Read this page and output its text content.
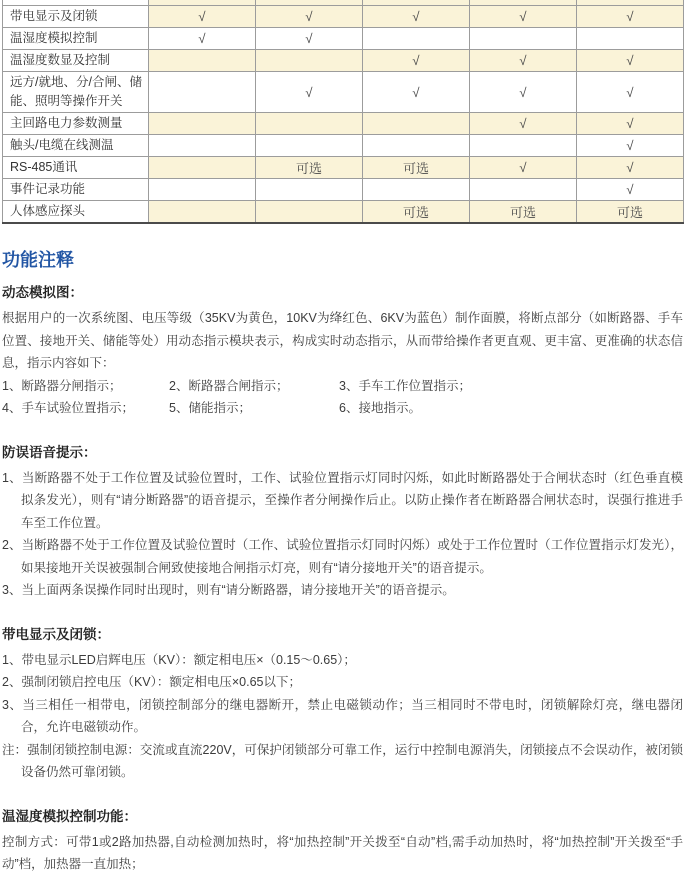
带电显示及闭锁	√	√	√	√	√
温湿度模拟控制	√	√			
温湿度数显及控制			√	√	√
远方/就地、分/合闸、储能、照明等操作开关		√	√	√	√
主回路电力参数测量				√	√
触头/电缆在线测温					√
RS-485通讯		可选	可选	√	√
事件记录功能					√
人体感应探头			可选	可选	可选
功能注释
动态模拟图：

根据用户的一次系统图、电压等级（35KV为黄色，10KV为绛红色、6KV为蓝色）制作面膜，将断点部分（如断路器、手车位置、接地开关、储能等处）用动态指示模块表示，构成实时动态指示，从而带给操作者更直观、更丰富、更准确的状态信息，指示内容如下：

1、断路器分闸指示；	2、断路器合闸指示；	3、手车工作位置指示；
4、手车试验位置指示；	5、储能指示；	6、接地指示。
防误语音提示：

1、当断路器不处于工作位置及试验位置时，工作、试验位置指示灯同时闪烁，如此时断路器处于合闸状态时（红色垂直模拟条发光），则有“请分断路器”的语音提示，至操作者分闸操作后止。以防止操作者在断路器合闸状态时，误强行推进手车至工作位置。

2、当断路器不处于工作位置及试验位置时（工作、试验位置指示灯同时闪烁）或处于工作位置时（工作位置指示灯发光），如果接地开关误被强制合闸致使接地合闸指示灯亮，则有“请分接地开关”的语音提示。

3、当上面两条误操作同时出现时，则有“请分断路器，请分接地开关”的语音提示。

带电显示及闭锁：

1、带电显示LED启辉电压（KV）：额定相电压×（0.15～0.65）；

2、强制闭锁启控电压（KV）：额定相电压×0.65以下；

3、当三相任一相带电，闭锁控制部分的继电器断开，禁止电磁锁动作；当三相同时不带电时，闭锁解除灯亮，继电器闭合，允许电磁锁动作。

注：强制闭锁控制电源：交流或直流220V，可保护闭锁部分可靠工作，运行中控制电源消失，闭锁接点不会误动作，被闭锁设备仍然可靠闭锁。

温湿度模拟控制功能：

控制方式：可带1或2路加热器,自动检测加热时，将“加热控制”开关拨至“自动”档,需手动加热时，将“加热控制”开关拨至“手动”档，加热器一直加热；
